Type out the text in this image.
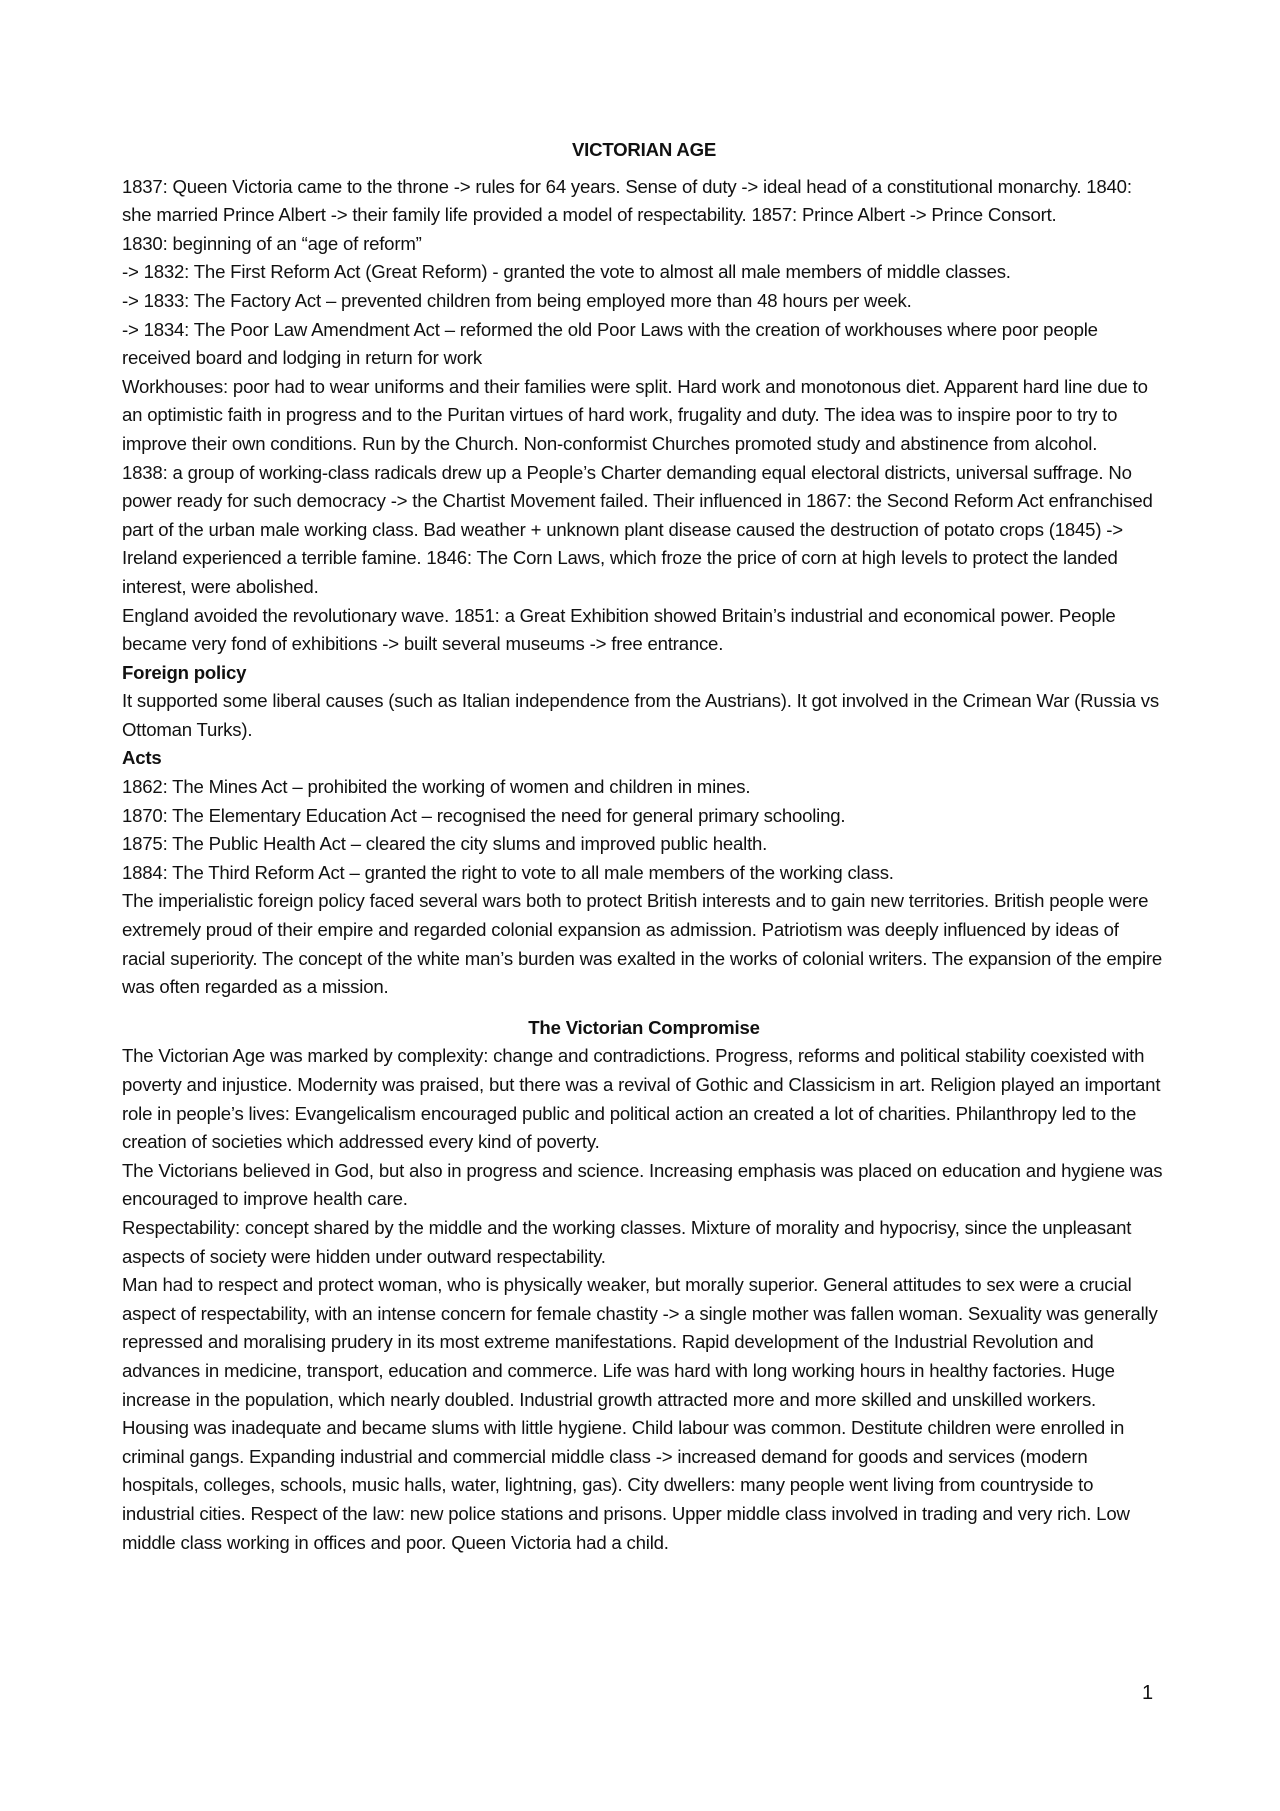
VICTORIAN AGE

1837: Queen Victoria came to the throne -> rules for 64 years. Sense of duty -> ideal head of a constitutional monarchy. 1840: she married Prince Albert -> their family life provided a model of respectability. 1857: Prince Albert -> Prince Consort.

1830: beginning of an “age of reform”

-> 1832: The First Reform Act (Great Reform) - granted the vote to almost all male members of middle classes.

-> 1833: The Factory Act – prevented children from being employed more than 48 hours per week.

-> 1834: The Poor Law Amendment Act – reformed the old Poor Laws with the creation of workhouses where poor people received board and lodging in return for work

Workhouses: poor had to wear uniforms and their families were split. Hard work and monotonous diet. Apparent hard line due to an optimistic faith in progress and to the Puritan virtues of hard work, frugality and duty. The idea was to inspire poor to try to improve their own conditions. Run by the Church. Non-conformist Churches promoted study and abstinence from alcohol.

1838: a group of working-class radicals drew up a People’s Charter demanding equal electoral districts, universal suffrage. No power ready for such democracy -> the Chartist Movement failed. Their influenced in 1867: the Second Reform Act enfranchised part of the urban male working class. Bad weather + unknown plant disease caused the destruction of potato crops (1845) -> Ireland experienced a terrible famine. 1846: The Corn Laws, which froze the price of corn at high levels to protect the landed interest, were abolished.

England avoided the revolutionary wave. 1851: a Great Exhibition showed Britain’s industrial and economical power. People became very fond of exhibitions -> built several museums -> free entrance.

Foreign policy

It supported some liberal causes (such as Italian independence from the Austrians). It got involved in the Crimean War (Russia vs Ottoman Turks).

Acts

1862: The Mines Act – prohibited the working of women and children in mines.

1870: The Elementary Education Act – recognised the need for general primary schooling.

1875: The Public Health Act – cleared the city slums and improved public health.

1884: The Third Reform Act – granted the right to vote to all male members of the working class.

The imperialistic foreign policy faced several wars both to protect British interests and to gain new territories. British people were extremely proud of their empire and regarded colonial expansion as admission. Patriotism was deeply influenced by ideas of racial superiority. The concept of the white man’s burden was exalted in the works of colonial writers. The expansion of the empire was often regarded as a mission.

The Victorian Compromise

The Victorian Age was marked by complexity: change and contradictions. Progress, reforms and political stability coexisted with poverty and injustice. Modernity was praised, but there was a revival of Gothic and Classicism in art. Religion played an important role in people’s lives: Evangelicalism encouraged public and political action an created a lot of charities. Philanthropy led to the creation of societies which addressed every kind of poverty.

The Victorians believed in God, but also in progress and science. Increasing emphasis was placed on education and hygiene was encouraged to improve health care.

Respectability: concept shared by the middle and the working classes. Mixture of morality and hypocrisy, since the unpleasant aspects of society were hidden under outward respectability.

Man had to respect and protect woman, who is physically weaker, but morally superior. General attitudes to sex were a crucial aspect of respectability, with an intense concern for female chastity -> a single mother was fallen woman. Sexuality was generally repressed and moralising prudery in its most extreme manifestations. Rapid development of the Industrial Revolution and advances in medicine, transport, education and commerce. Life was hard with long working hours in healthy factories. Huge increase in the population, which nearly doubled. Industrial growth attracted more and more skilled and unskilled workers. Housing was inadequate and became slums with little hygiene. Child labour was common. Destitute children were enrolled in criminal gangs. Expanding industrial and commercial middle class -> increased demand for goods and services (modern hospitals, colleges, schools, music halls, water, lightning, gas). City dwellers: many people went living from countryside to industrial cities. Respect of the law: new police stations and prisons. Upper middle class involved in trading and very rich. Low middle class working in offices and poor. Queen Victoria had a child.

1
